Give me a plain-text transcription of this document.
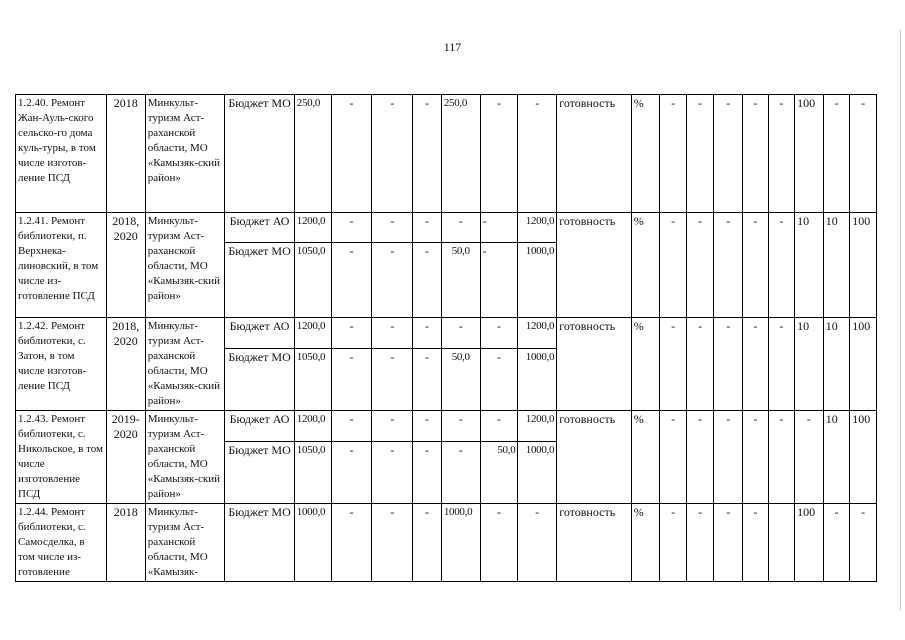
117
1.2.40. Ремонт Жан-Ауль-ского сельско-го дома куль-туры, в том числе изготов-ление ПСД	2018	Минкульт-туризм Аст-раханской области, МО «Камызяк-ский район»	Бюджет МО	250,0	-	-	-	250,0	-	-	готовность	%	-	-	-	-	-	100	-	-
1.2.41. Ремонт библиотеки, п. Верхнека-линовский, в том числе из-готовление ПСД	2018, 2020	Минкульт-туризм Аст-раханской области, МО «Камызяк-ский район»	Бюджет АО	1200,0	-	-	-	-	-	1200,0	готовность	%	-	-	-	-	-	10	10	100
			Бюджет МО	1050,0	-	-	-	50,0	-	1000,0										
1.2.42. Ремонт библиотеки, с. Затон, в том числе изготов-ление ПСД	2018, 2020	Минкульт-туризм Аст-раханской области, МО «Камызяк-ский район»	Бюджет АО	1200,0	-	-	-	-	-	1200,0	готовность	%	-	-	-	-	-	10	10	100
			Бюджет МО	1050,0	-	-	-	50,0	-	1000,0										
1.2.43. Ремонт библиотеки, с. Никольское, в том числе изготовление ПСД	2019-2020	Минкульт-туризм Аст-раханской области, МО «Камызяк-ский район»	Бюджет АО	1200,0	-	-	-	-	-	1200,0	готовность	%	-	-	-	-	-	-	10	100
			Бюджет МО	1050,0	-	-	-	-	50,0	1000,0										
1.2.44. Ремонт библиотеки, с. Самосделка, в том числе из-готовление	2018	Минкульт-туризм Аст-раханской области, МО «Камызяк-	Бюджет МО	1000,0	-	-	-	1000,0	-	-	готовность	%	-	-	-	-		100	-	-
